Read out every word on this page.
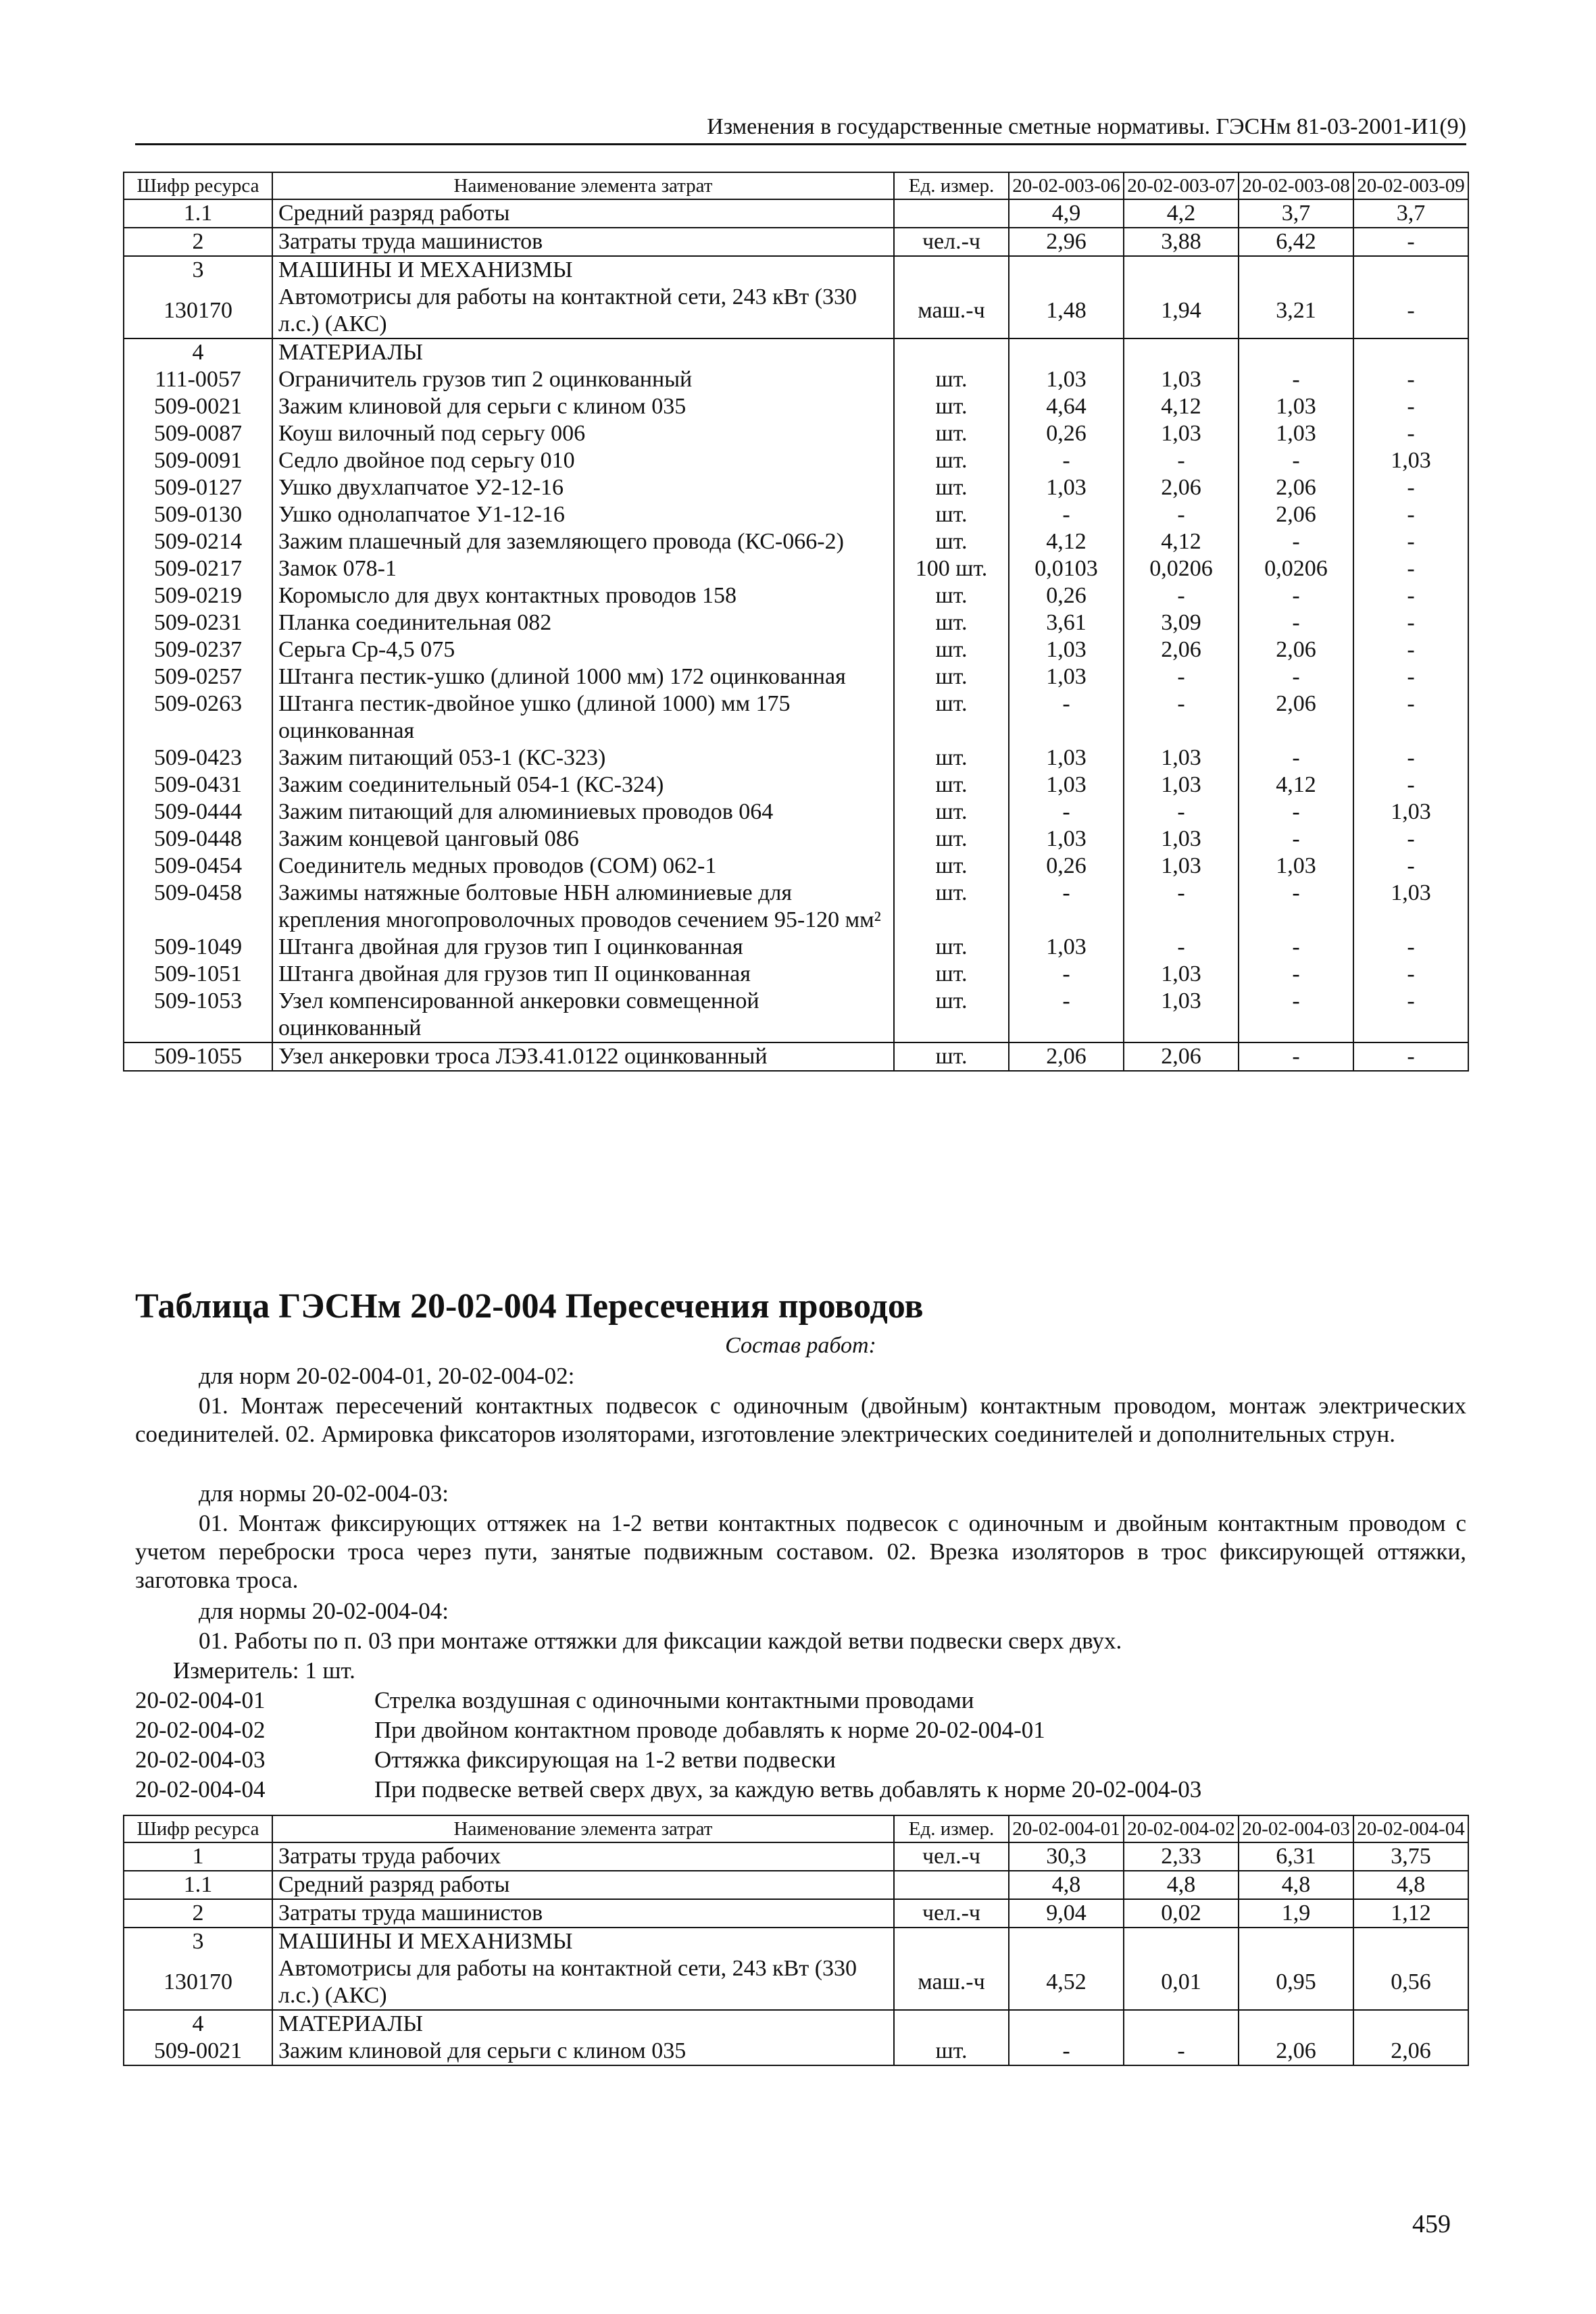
Изменения в государственные сметные нормативы. ГЭСНм 81-03-2001-И1(9)
Шифр ресурса	Наименование элемента затрат	Ед. измер.	20-02-003-06	20-02-003-07	20-02-003-08	20-02-003-09
1.1	Средний разряд работы		4,9	4,2	3,7	3,7
2	Затраты труда машинистов	чел.-ч	2,96	3,88	6,42	-
3	МАШИНЫ И МЕХАНИЗМЫ					
130170	Автомотрисы для работы на контактной сети, 243 кВт (330 л.с.) (АКС)	маш.-ч	1,48	1,94	3,21	-
4	МАТЕРИАЛЫ					
111-0057	Ограничитель грузов тип 2 оцинкованный	шт.	1,03	1,03	-	-
509-0021	Зажим клиновой для серьги с клином 035	шт.	4,64	4,12	1,03	-
509-0087	Коуш вилочный под серьгу 006	шт.	0,26	1,03	1,03	-
509-0091	Седло двойное под серьгу 010	шт.	-	-	-	1,03
509-0127	Ушко двухлапчатое У2-12-16	шт.	1,03	2,06	2,06	-
509-0130	Ушко однолапчатое У1-12-16	шт.	-	-	2,06	-
509-0214	Зажим плашечный для заземляющего провода (КС-066-2)	шт.	4,12	4,12	-	-
509-0217	Замок 078-1	100 шт.	0,0103	0,0206	0,0206	-
509-0219	Коромысло для двух контактных проводов 158	шт.	0,26	-	-	-
509-0231	Планка соединительная 082	шт.	3,61	3,09	-	-
509-0237	Серьга Ср-4,5 075	шт.	1,03	2,06	2,06	-
509-0257	Штанга пестик-ушко (длиной 1000 мм) 172 оцинкованная	шт.	1,03	-	-	-
509-0263	Штанга пестик-двойное ушко (длиной 1000) мм 175 оцинкованная	шт.	-	-	2,06	-
509-0423	Зажим питающий 053-1 (КС-323)	шт.	1,03	1,03	-	-
509-0431	Зажим соединительный 054-1 (КС-324)	шт.	1,03	1,03	4,12	-
509-0444	Зажим питающий для алюминиевых проводов 064	шт.	-	-	-	1,03
509-0448	Зажим концевой цанговый 086	шт.	1,03	1,03	-	-
509-0454	Соединитель медных проводов (СОМ) 062-1	шт.	0,26	1,03	1,03	-
509-0458	Зажимы натяжные болтовые НБН алюминиевые для крепления многопроволочных проводов сечением 95-120 мм²	шт.	-	-	-	1,03
509-1049	Штанга двойная для грузов тип I оцинкованная	шт.	1,03	-	-	-
509-1051	Штанга двойная для грузов тип II оцинкованная	шт.	-	1,03	-	-
509-1053	Узел компенсированной анкеровки совмещенной оцинкованный	шт.	-	1,03	-	-
509-1055	Узел анкеровки троса ЛЭЗ.41.0122 оцинкованный	шт.	2,06	2,06	-	-
Таблица ГЭСНм 20-02-004 Пересечения проводов
Состав работ:
для норм 20-02-004-01, 20-02-004-02:
01. Монтаж пересечений контактных подвесок с одиночным (двойным) контактным проводом, монтаж электрических соединителей. 02. Армировка фиксаторов изоляторами, изготовление электрических соединителей и дополнительных струн.
для нормы 20-02-004-03:
01. Монтаж фиксирующих оттяжек на 1-2 ветви контактных подвесок с одиночным и двойным контактным проводом с учетом переброски троса через пути, занятые подвижным составом. 02. Врезка изоляторов в трос фиксирующей оттяжки, заготовка троса.
для нормы 20-02-004-04:
01. Работы по п. 03 при монтаже оттяжки для фиксации каждой ветви подвески сверх двух.
Измеритель: 1 шт.
20-02-004-01	Стрелка воздушная с одиночными контактными проводами
20-02-004-02	При двойном контактном проводе добавлять к норме 20-02-004-01
20-02-004-03	Оттяжка фиксирующая на 1-2 ветви подвески
20-02-004-04	При подвеске ветвей сверх двух, за каждую ветвь добавлять к норме 20-02-004-03
Шифр ресурса	Наименование элемента затрат	Ед. измер.	20-02-004-01	20-02-004-02	20-02-004-03	20-02-004-04
1	Затраты труда рабочих	чел.-ч	30,3	2,33	6,31	3,75
1.1	Средний разряд работы		4,8	4,8	4,8	4,8
2	Затраты труда машинистов	чел.-ч	9,04	0,02	1,9	1,12
3	МАШИНЫ И МЕХАНИЗМЫ					
130170	Автомотрисы для работы на контактной сети, 243 кВт (330 л.с.) (АКС)	маш.-ч	4,52	0,01	0,95	0,56
4	МАТЕРИАЛЫ					
509-0021	Зажим клиновой для серьги с клином 035	шт.	-	-	2,06	2,06
459
